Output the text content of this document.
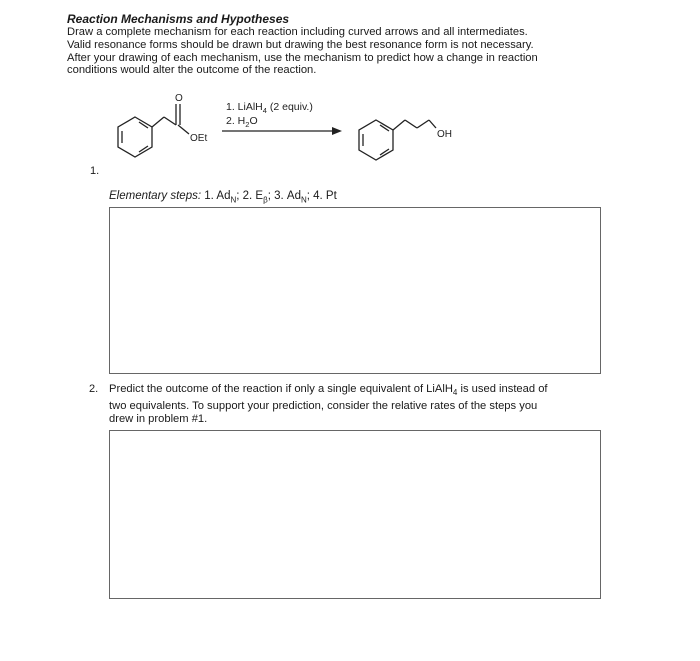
Reaction Mechanisms and Hypotheses
Draw a complete mechanism for each reaction including curved arrows and all intermediates.
Valid resonance forms should be drawn but drawing the best resonance form is not necessary.
After your drawing of each mechanism, use the mechanism to predict how a change in reaction
conditions would alter the outcome of the reaction.
O
OEt
1. LiAlH$_4$ (2 equiv.)
2. $H_2O$
OH
1.
Elementary steps: 1. $Ad_N$; 2. $E_\beta$; 3. $Ad_N$; 4. Pt
2. Predict the outcome of the reaction if only a single equivalent of LiAlH$_4$ is used instead of
two equivalents. To support your prediction, consider the relative rates of the steps you
drew in problem #1.
